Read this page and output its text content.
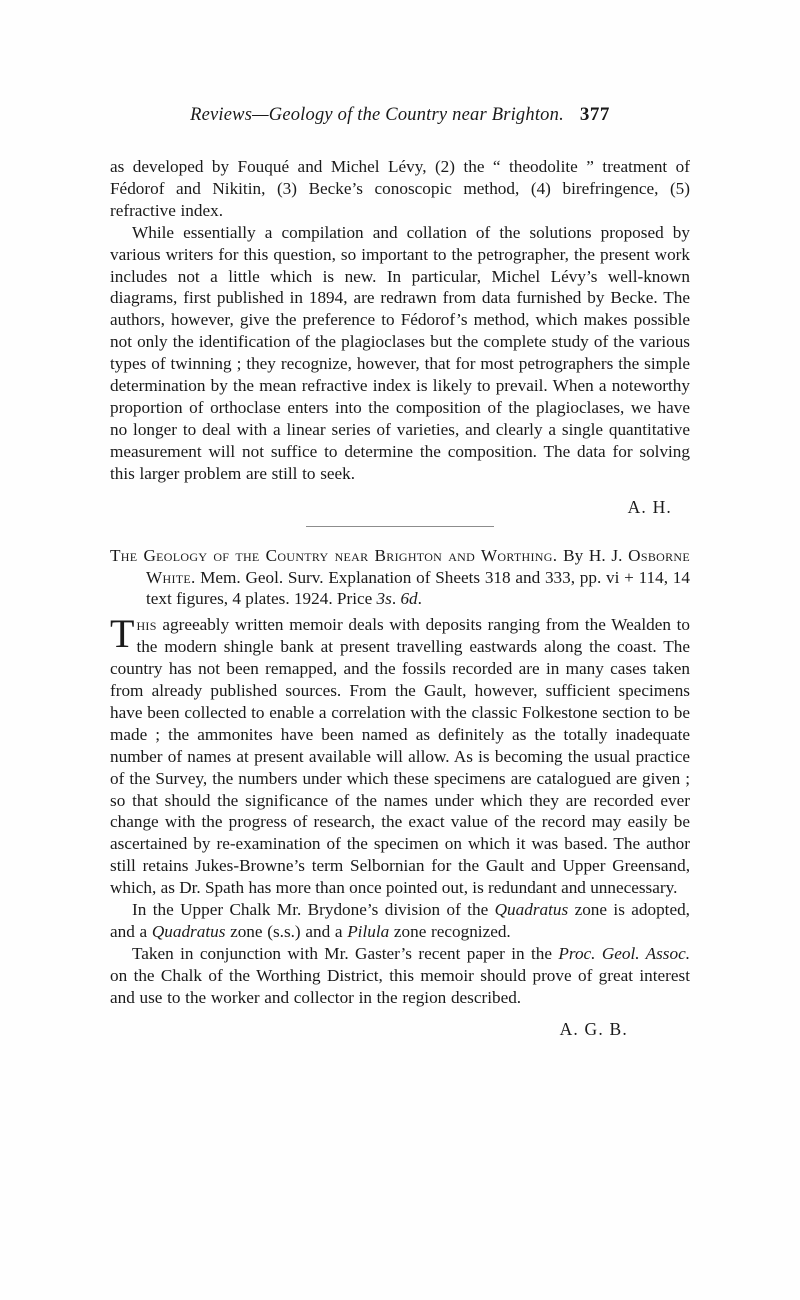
Reviews—Geology of the Country near Brighton. 377

as developed by Fouqué and Michel Lévy, (2) the “ theodolite ” treatment of Fédorof and Nikitin, (3) Becke’s conoscopic method, (4) birefringence, (5) refractive index.

While essentially a compilation and collation of the solutions proposed by various writers for this question, so important to the petrographer, the present work includes not a little which is new. In particular, Michel Lévy’s well-known diagrams, first published in 1894, are redrawn from data furnished by Becke. The authors, however, give the preference to Fédorof’s method, which makes possible not only the identification of the plagioclases but the complete study of the various types of twinning ; they recognize, however, that for most petrographers the simple determination by the mean refractive index is likely to prevail. When a noteworthy proportion of orthoclase enters into the composition of the plagioclases, we have no longer to deal with a linear series of varieties, and clearly a single quantitative measurement will not suffice to determine the composition. The data for solving this larger problem are still to seek.

A. H.
The Geology of the Country near Brighton and Worthing. By H. J. Osborne White. Mem. Geol. Surv. Explanation of Sheets 318 and 333, pp. vi + 114, 14 text figures, 4 plates. 1924. Price 3s. 6d.

This agreeably written memoir deals with deposits ranging from the Wealden to the modern shingle bank at present travelling eastwards along the coast. The country has not been remapped, and the fossils recorded are in many cases taken from already published sources. From the Gault, however, sufficient specimens have been collected to enable a correlation with the classic Folkestone section to be made ; the ammonites have been named as definitely as the totally inadequate number of names at present available will allow. As is becoming the usual practice of the Survey, the numbers under which these specimens are catalogued are given ; so that should the significance of the names under which they are recorded ever change with the progress of research, the exact value of the record may easily be ascertained by re-examination of the specimen on which it was based. The author still retains Jukes-Browne’s term Selbornian for the Gault and Upper Greensand, which, as Dr. Spath has more than once pointed out, is redundant and unnecessary.

In the Upper Chalk Mr. Brydone’s division of the Quadratus zone is adopted, and a Quadratus zone (s.s.) and a Pilula zone recognized.

Taken in conjunction with Mr. Gaster’s recent paper in the Proc. Geol. Assoc. on the Chalk of the Worthing District, this memoir should prove of great interest and use to the worker and collector in the region described.

A. G. B.
